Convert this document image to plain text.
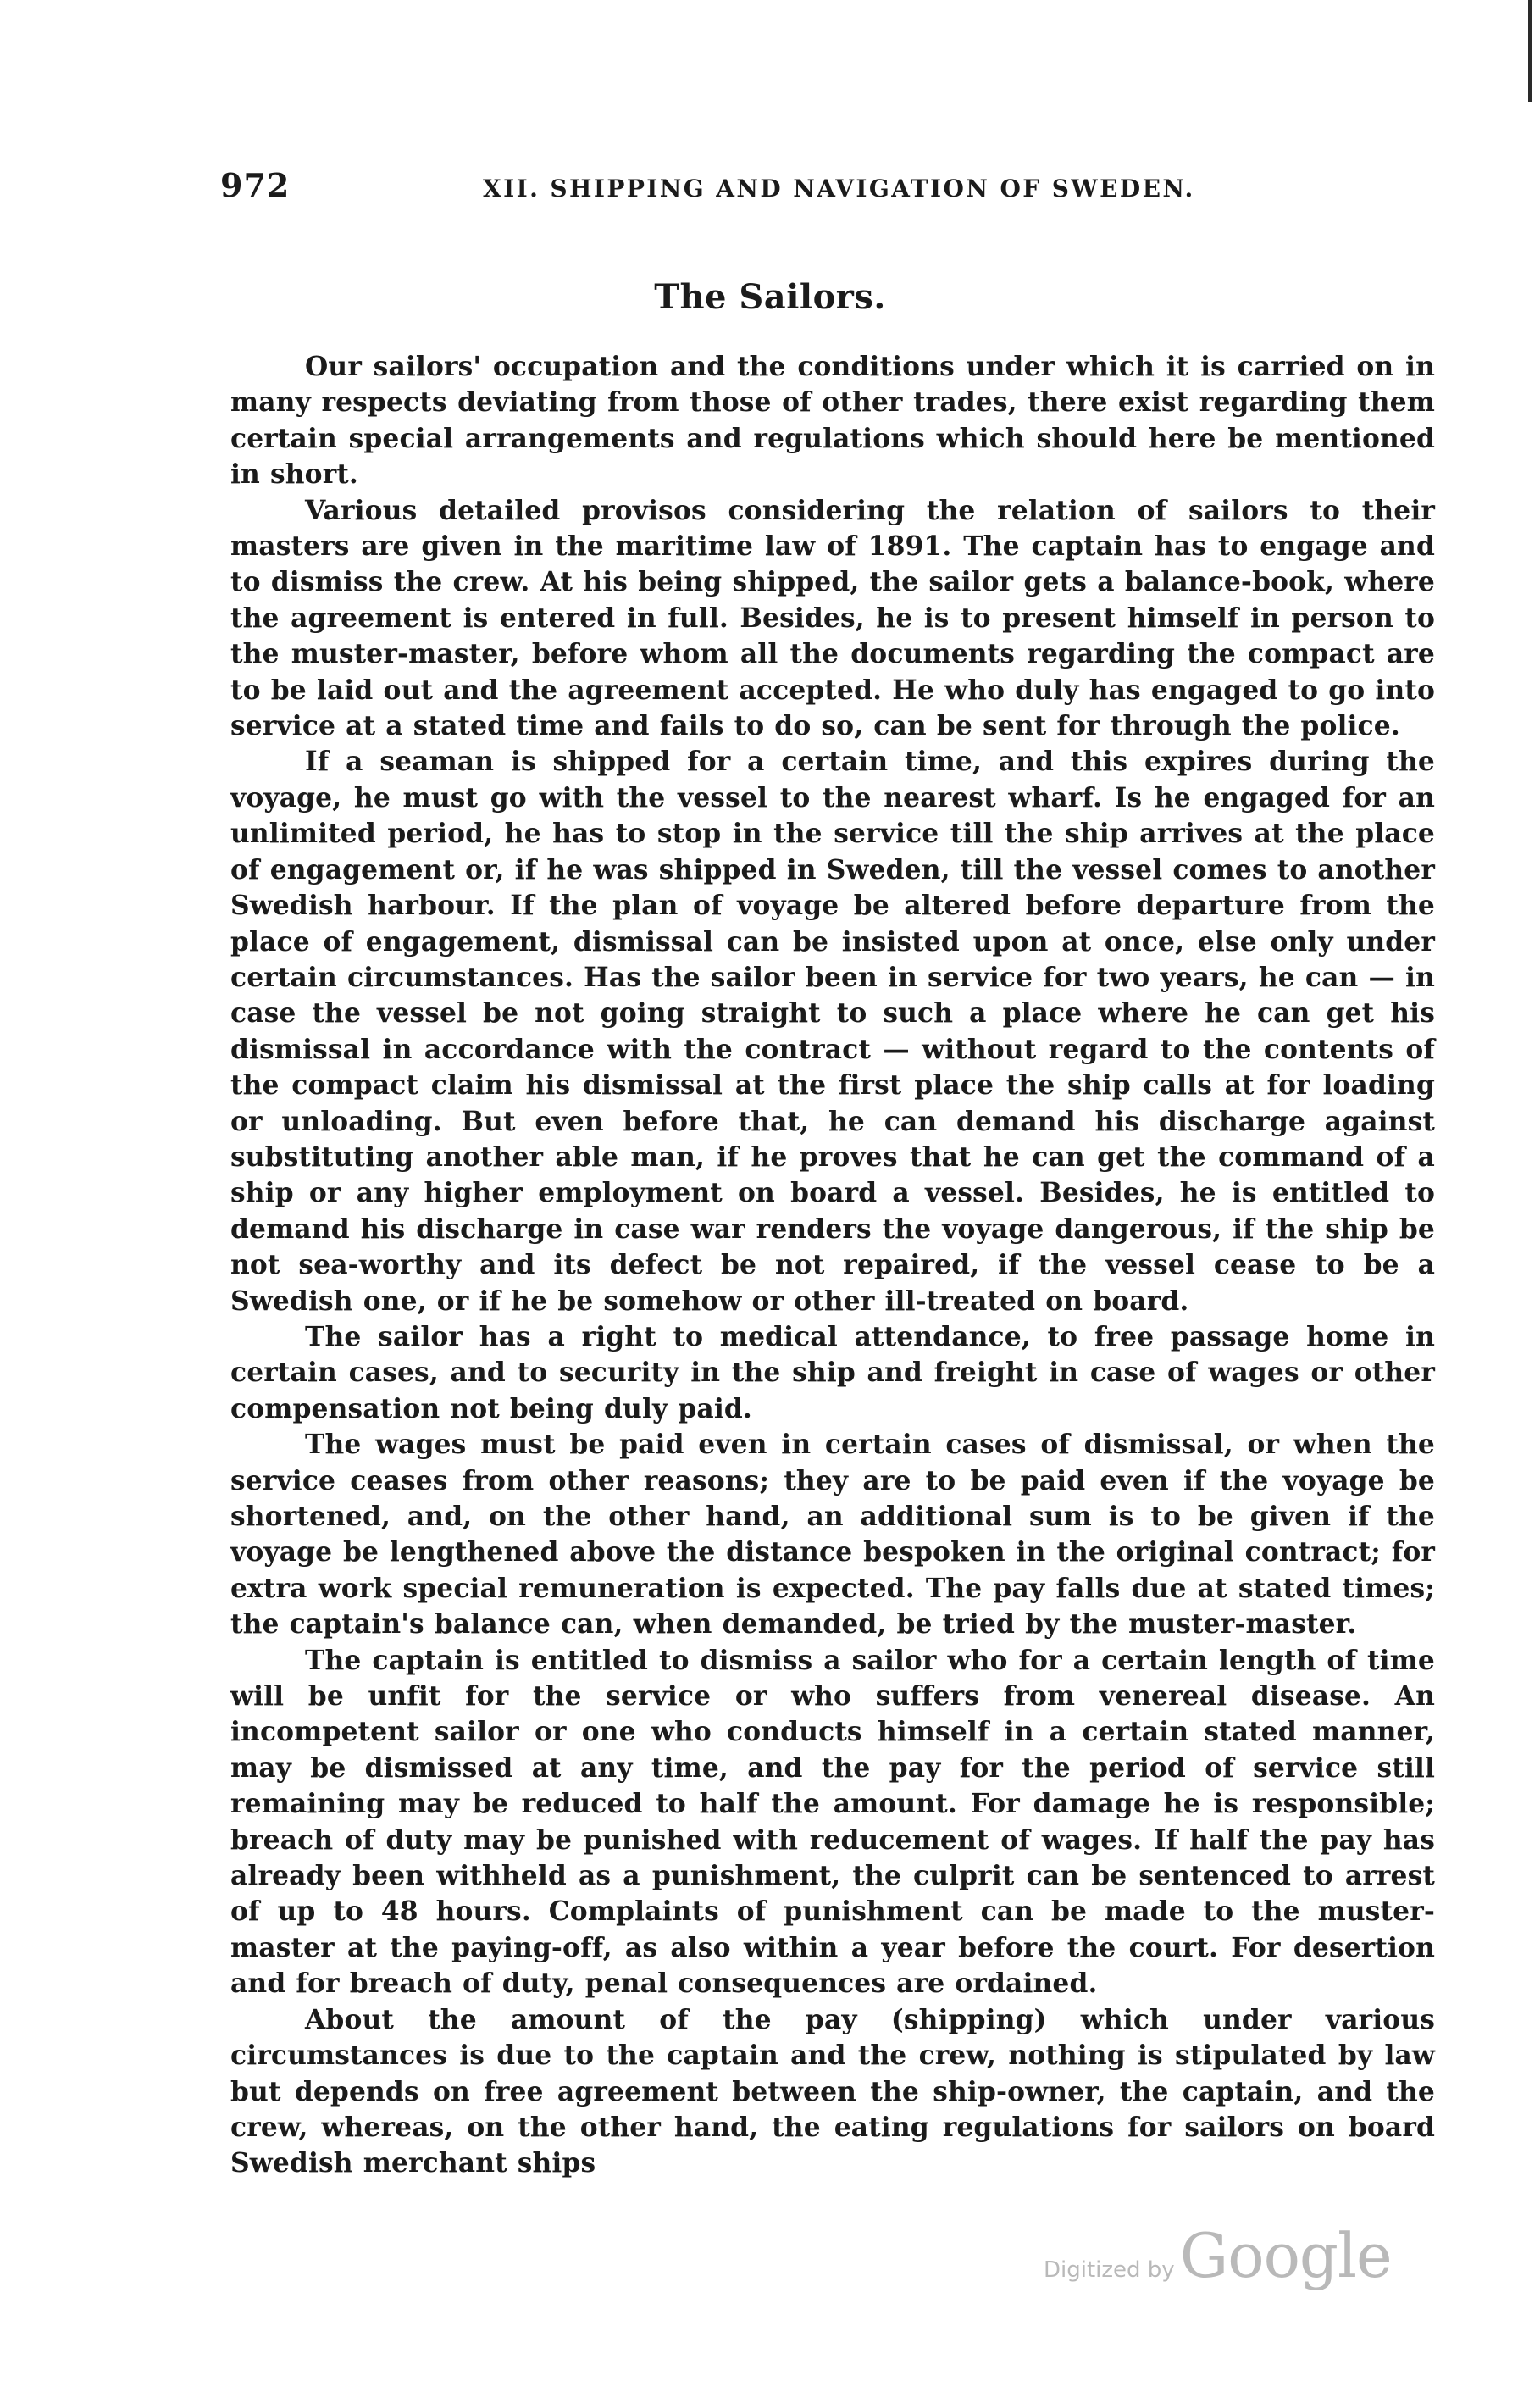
972	XII. SHIPPING AND NAVIGATION OF SWEDEN.
The Sailors.

Our sailors' occupation and the conditions under which it is carried on in many respects deviating from those of other trades, there exist regarding them certain special arrangements and regulations which should here be mentioned in short.

Various detailed provisos considering the relation of sailors to their masters are given in the maritime law of 1891. The captain has to engage and to dismiss the crew. At his being shipped, the sailor gets a balance-book, where the agreement is entered in full. Besides, he is to present himself in person to the muster-master, before whom all the documents regarding the compact are to be laid out and the agreement accepted. He who duly has engaged to go into service at a stated time and fails to do so, can be sent for through the police.

If a seaman is shipped for a certain time, and this expires during the voyage, he must go with the vessel to the nearest wharf. Is he engaged for an unlimited period, he has to stop in the service till the ship arrives at the place of engagement or, if he was shipped in Sweden, till the vessel comes to another Swedish harbour. If the plan of voyage be altered before departure from the place of engagement, dismissal can be insisted upon at once, else only under certain circumstances. Has the sailor been in service for two years, he can — in case the vessel be not going straight to such a place where he can get his dismissal in accordance with the contract — without regard to the contents of the compact claim his dismissal at the first place the ship calls at for loading or unloading. But even before that, he can demand his discharge against substituting another able man, if he proves that he can get the command of a ship or any higher employment on board a vessel. Besides, he is entitled to demand his discharge in case war renders the voyage dangerous, if the ship be not sea-worthy and its defect be not repaired, if the vessel cease to be a Swedish one, or if he be somehow or other ill-treated on board.

The sailor has a right to medical attendance, to free passage home in certain cases, and to security in the ship and freight in case of wages or other compensation not being duly paid.

The wages must be paid even in certain cases of dismissal, or when the service ceases from other reasons; they are to be paid even if the voyage be shortened, and, on the other hand, an additional sum is to be given if the voyage be lengthened above the distance bespoken in the original contract; for extra work special remuneration is expected. The pay falls due at stated times; the captain's balance can, when demanded, be tried by the muster-master.

The captain is entitled to dismiss a sailor who for a certain length of time will be unfit for the service or who suffers from venereal disease. An incompetent sailor or one who conducts himself in a certain stated manner, may be dismissed at any time, and the pay for the period of service still remaining may be reduced to half the amount. For damage he is responsible; breach of duty may be punished with reducement of wages. If half the pay has already been withheld as a punishment, the culprit can be sentenced to arrest of up to 48 hours. Complaints of punishment can be made to the muster-master at the paying-off, as also within a year before the court. For desertion and for breach of duty, penal consequences are ordained.

About the amount of the pay (shipping) which under various circumstances is due to the captain and the crew, nothing is stipulated by law but depends on free agreement between the ship-owner, the captain, and the crew, whereas, on the other hand, the eating regulations for sailors on board Swedish merchant ships

Digitized by Google
